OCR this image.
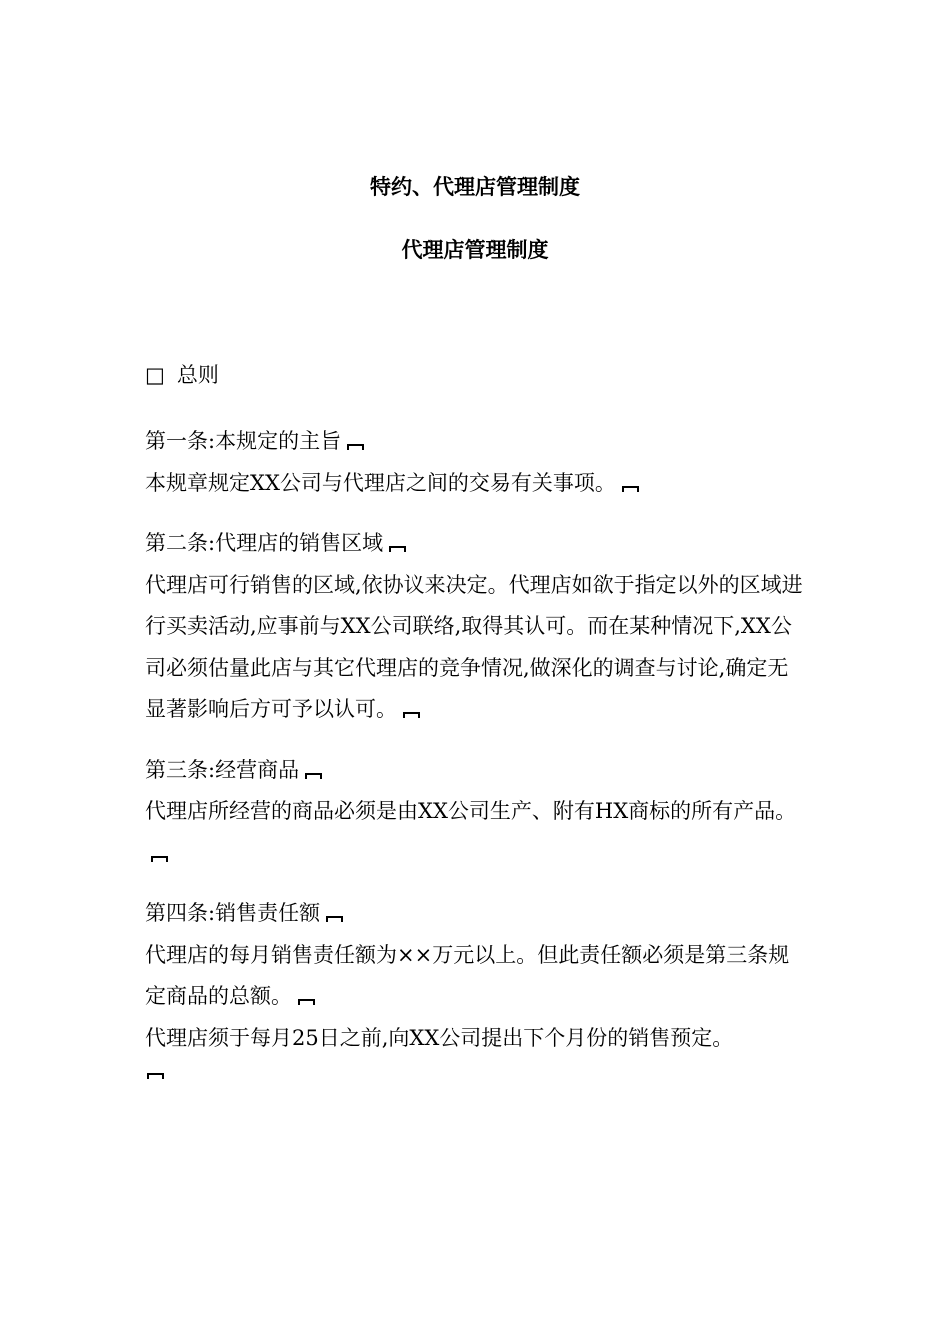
特约、代理店管理制度
代理店管理制度

□ 总则

第一条:本规定的主旨

本规章规定XX公司与代理店之间的交易有关事项。

第二条:代理店的销售区域

代理店可行销售的区域,依协议来决定。代理店如欲于指定以外的区域进行买卖活动,应事前与XX公司联络,取得其认可。而在某种情况下,XX公司必须估量此店与其它代理店的竞争情况,做深化的调查与讨论,确定无显著影响后方可予以认可。

第三条:经营商品

代理店所经营的商品必须是由XX公司生产、附有HX商标的所有产品。

第四条:销售责任额

代理店的每月销售责任额为××万元以上。但此责任额必须是第三条规定商品的总额。

代理店须于每月25日之前,向XX公司提出下个月份的销售预定。
